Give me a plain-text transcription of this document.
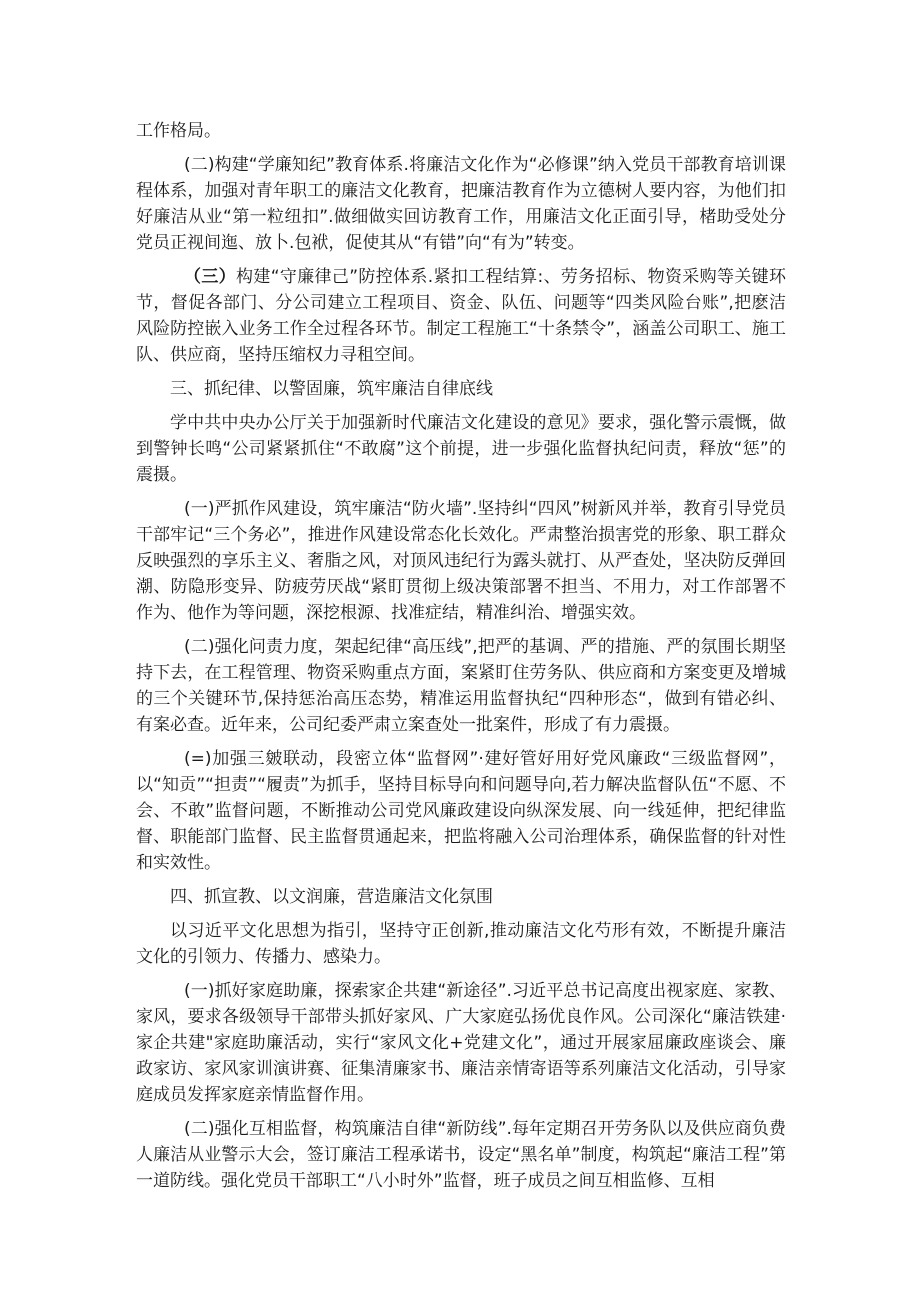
工作格局。

(二)构建“学廉知纪”教育体系.将廉洁文化作为“必修课”纳入党员干部教育培训课程体系，加强对青年职工的廉洁文化教育，把廉洁教育作为立德树人要内容，为他们扣好廉洁从业“第一粒纽扣”.做细做实回访教育工作，用廉洁文化正面引导，楮助受处分党员正视间迤、放卜.包袱，促使其从“有错”向“有为”转变。

（三）构建“守廉律己”防控体系.紧扣工程结算:、劳务招标、物资采购等关键环节，督促各部门、分公司建立工程项目、资金、队伍、问题等“四类风险台账”,把麽洁风险防控嵌入业务工作全过程各环节。制定工程施工“十条禁令”，涵盖公司职工、施工队、供应商，坚持压缩权力寻租空间。

三、抓纪律、以警固廉，筑牢廉洁自律底线

学中共中央办公厅关于加强新时代廉洁文化建设的意见》要求，强化警示震慨，做到警钟长鸣“公司紧紧抓住“不敢腐”这个前提，进一步强化监督执纪问责，释放“惩”的震摄。

(一)严抓作风建设，筑牢廉洁“防火墙”.坚持纠“四风”树新风并举，教育引导党员干部牢记“三个务必”，推进作风建设常态化长效化。严肃整治损害党的形象、职工群众反映强烈的享乐主义、奢脂之风，对顶风违纪行为露头就打、从严查处，坚决防反弹回潮、防隐形变异、防疲劳厌战“紧盯贯彻上级决策部署不担当、不用力，对工作部署不作为、他作为等问题，深挖根源、找准症结，精准纠治、增强实效。

(二)强化问责力度，架起纪律“高压线”,把严的基调、严的措施、严的氛围长期坚持下去，在工程管理、物资采购重点方面，案紧盯住劳务队、供应商和方案变更及增城的三个关键环节,保持惩治高压态势，精准运用监督执纪“四种形态“，做到有错必纠、有案必查。近年来，公司纪委严肃立案查处一批案件，形成了有力震摄。

(=)加强三皴联动，段密立体“监督网”·建好管好用好党风廉政“三级监督网”，以“知贡”“担责”“履责”为抓手，坚持目标导向和问题导向,若力解决监督队伍“不愿、不会、不敢”监督问题，不断推动公司党风廉政建设向纵深发展、向一线延伸，把纪律监督、职能部门监督、民主监督贯通起来，把监将融入公司治理体系，确保监督的针对性和实效性。

四、抓宣教、以文润廉，营造廉洁文化氛围

以习近平文化思想为指引，坚持守正创新,推动廉洁文化芍形有效，不断提升廉洁文化的引领力、传播力、感染力。

(一)抓好家庭助廉，探索家企共建“新途径”.习近平总书记高度出视家庭、家教、家风，要求各级领导干部带头抓好家风、广大家庭弘扬优良作风。公司深化“廉洁铁建·家企共建"家庭助廉活动，实行“家风文化+党建文化”，通过开展家屈廉政座谈会、廉政家访、家风家训演讲赛、征集清廉家书、廉洁亲情寄语等系列廉洁文化活动，引导家庭成员发挥家庭亲情监督作用。

(二)强化互相监督，构筑廉洁自律“新防线”.每年定期召开劳务队以及供应商负费人廉洁从业警示大会，签订廉洁工程承诺书，设定“黑名单”制度，构筑起“廉洁工程”第一道防线。强化党员干部职工“八小时外”监督，班子成员之间互相监修、互相
